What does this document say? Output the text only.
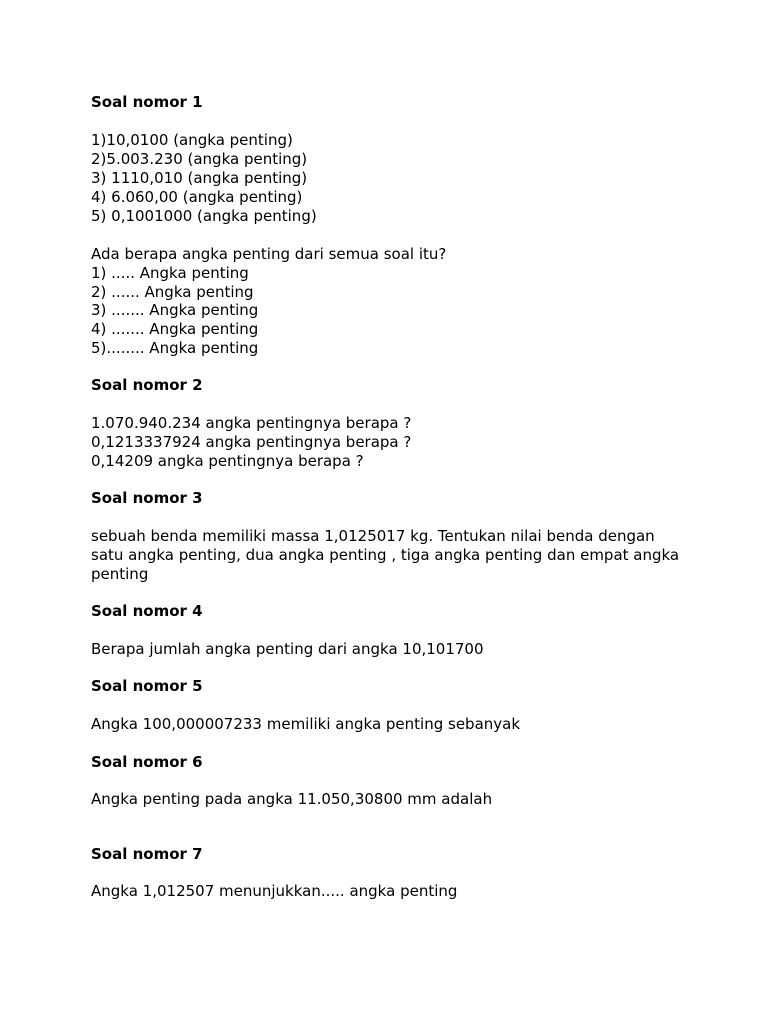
Soal nomor 1
1)10,0100 (angka penting)
2)5.003.230 (angka penting)
3) 1110,010 (angka penting)
4) 6.060,00 (angka penting)
5) 0,1001000 (angka penting)
Ada berapa angka penting dari semua soal itu?
1) ..... Angka penting
2) ...... Angka penting
3) ....... Angka penting
4) ....... Angka penting
5)........ Angka penting
Soal nomor 2
1.070.940.234 angka pentingnya berapa ?
0,1213337924 angka pentingnya berapa ?
0,14209 angka pentingnya berapa ?
Soal nomor 3
sebuah benda memiliki massa 1,0125017 kg. Tentukan nilai benda dengan satu angka penting, dua angka penting , tiga angka penting dan empat angka penting
Soal nomor 4
Berapa jumlah angka penting dari angka 10,101700
Soal nomor 5
Angka 100,000007233 memiliki angka penting sebanyak
Soal nomor 6
Angka penting pada angka 11.050,30800 mm adalah
Soal nomor 7
Angka 1,012507 menunjukkan..... angka penting
